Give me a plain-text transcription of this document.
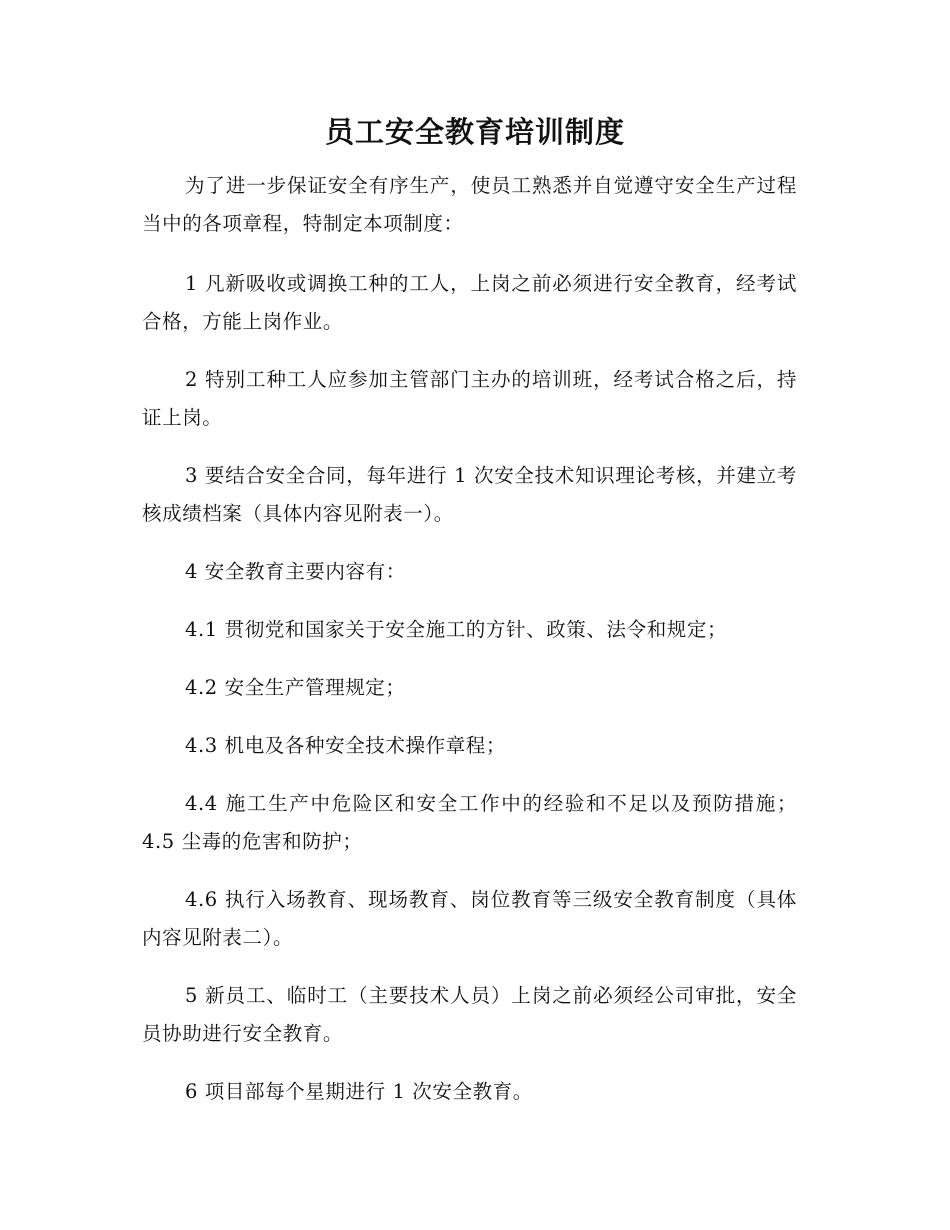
员工安全教育培训制度

为了进一步保证安全有序生产，使员工熟悉并自觉遵守安全生产过程当中的各项章程，特制定本项制度：

1 凡新吸收或调换工种的工人，上岗之前必须进行安全教育，经考试合格，方能上岗作业。

2 特别工种工人应参加主管部门主办的培训班，经考试合格之后，持证上岗。

3 要结合安全合同，每年进行 1 次安全技术知识理论考核，并建立考核成绩档案（具体内容见附表一）。

4 安全教育主要内容有：

4.1 贯彻党和国家关于安全施工的方针、政策、法令和规定；

4.2 安全生产管理规定；

4.3 机电及各种安全技术操作章程；

4.4 施工生产中危险区和安全工作中的经验和不足以及预防措施；4.5 尘毒的危害和防护；

4.6 执行入场教育、现场教育、岗位教育等三级安全教育制度（具体内容见附表二）。

5 新员工、临时工（主要技术人员）上岗之前必须经公司审批，安全员协助进行安全教育。

6 项目部每个星期进行 1 次安全教育。
